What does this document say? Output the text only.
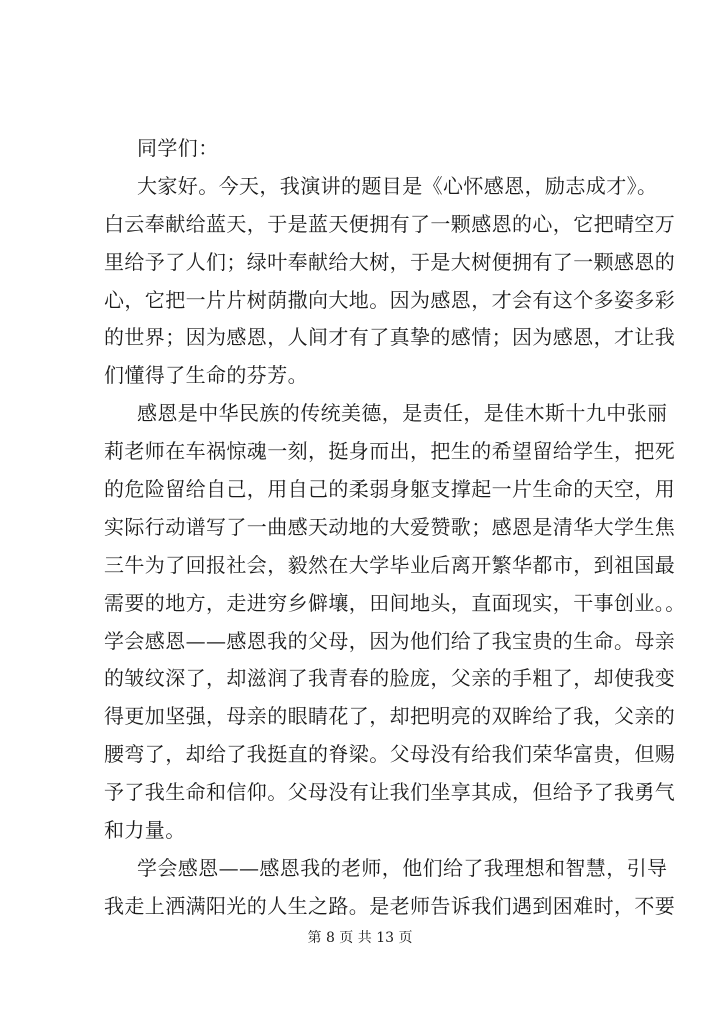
同学们：
大家好。今天，我演讲的题目是《心怀感恩，励志成才》。
白云奉献给蓝天，于是蓝天便拥有了一颗感恩的心，它把晴空万
里给予了人们；绿叶奉献给大树，于是大树便拥有了一颗感恩的
心，它把一片片树荫撒向大地。因为感恩，才会有这个多姿多彩
的世界；因为感恩，人间才有了真挚的感情；因为感恩，才让我
们懂得了生命的芬芳。
感恩是中华民族的传统美德，是责任，是佳木斯十九中张丽
莉老师在车祸惊魂一刻，挺身而出，把生的希望留给学生，把死
的危险留给自己，用自己的柔弱身躯支撑起一片生命的天空，用
实际行动谱写了一曲感天动地的大爱赞歌；感恩是清华大学生焦
三牛为了回报社会，毅然在大学毕业后离开繁华都市，到祖国最
需要的地方，走进穷乡僻壤，田间地头，直面现实，干事创业。。
学会感恩——感恩我的父母，因为他们给了我宝贵的生命。母亲
的皱纹深了，却滋润了我青春的脸庞，父亲的手粗了，却使我变
得更加坚强，母亲的眼睛花了，却把明亮的双眸给了我，父亲的
腰弯了，却给了我挺直的脊梁。父母没有给我们荣华富贵，但赐
予了我生命和信仰。父母没有让我们坐享其成，但给予了我勇气
和力量。
学会感恩——感恩我的老师，他们给了我理想和智慧，引导
我走上洒满阳光的人生之路。是老师告诉我们遇到困难时，不要
第 8 页 共 13 页
